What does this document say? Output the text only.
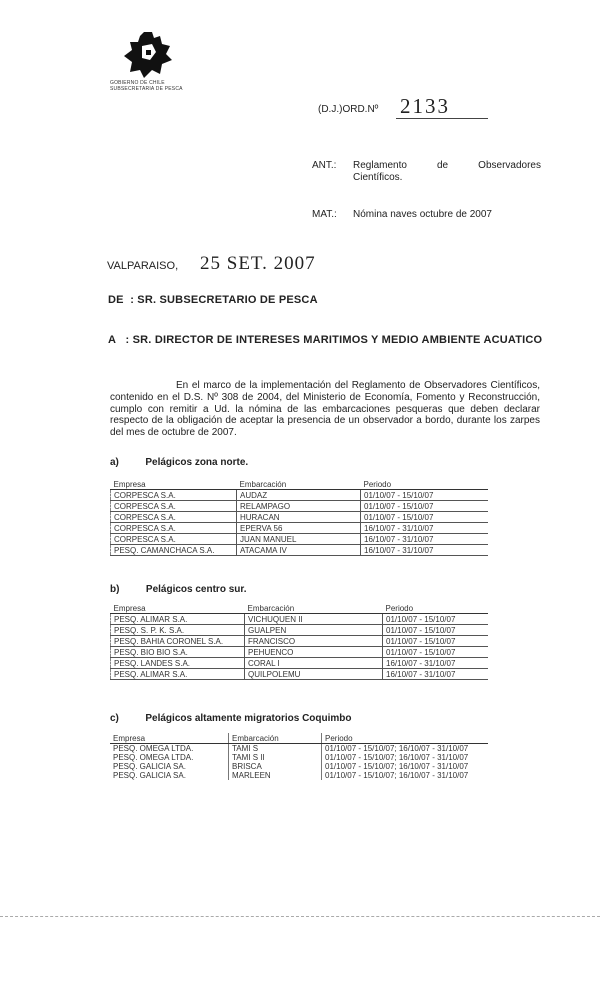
GOBIERNO DE CHILE
SUBSECRETARIA DE PESCA
(D.J.)ORD.Nº 2133
ANT.: Reglamento	de	Observadores
Científicos.
MAT.: Nómina naves octubre de 2007
VALPARAISO, 25 SET. 2007
DE  : SR. SUBSECRETARIO DE PESCA
A   : SR. DIRECTOR DE INTERESES MARITIMOS Y MEDIO AMBIENTE ACUATICO

En el marco de la implementación del Reglamento de Observadores Científicos, contenido en el D.S. Nº 308 de 2004, del Ministerio de Economía, Fomento y Reconstrucción, cumplo con remitir a Ud. la nómina de las embarcaciones pesqueras que deben declarar respecto de la obligación de aceptar la presencia de un observador a bordo, durante los zarpes del mes de octubre de 2007.

a)	Pelágicos zona norte.
Empresa	Embarcación	Periodo
CORPESCA S.A.	AUDAZ	01/10/07 - 15/10/07
CORPESCA S.A.	RELAMPAGO	01/10/07 - 15/10/07
CORPESCA S.A.	HURACAN	01/10/07 - 15/10/07
CORPESCA S.A.	EPERVA 56	16/10/07 - 31/10/07
CORPESCA S.A.	JUAN MANUEL	16/10/07 - 31/10/07
PESQ. CAMANCHACA S.A.	ATACAMA IV	16/10/07 - 31/10/07
b)	Pelágicos centro sur.
Empresa	Embarcación	Periodo
PESQ. ALIMAR S.A.	VICHUQUEN II	01/10/07 - 15/10/07
PESQ. S. P. K. S.A.	GUALPEN	01/10/07 - 15/10/07
PESQ. BAHIA CORONEL S.A.	FRANCISCO	01/10/07 - 15/10/07
PESQ. BIO BIO S.A.	PEHUENCO	01/10/07 - 15/10/07
PESQ. LANDES S.A.	CORAL I	16/10/07 - 31/10/07
PESQ. ALIMAR S.A.	QUILPOLEMU	16/10/07 - 31/10/07
c)	Pelágicos altamente migratorios Coquimbo
Empresa	Embarcación	Periodo
PESQ. OMEGA LTDA.	TAMI S	01/10/07 - 15/10/07; 16/10/07 - 31/10/07
PESQ. OMEGA LTDA.	TAMI S II	01/10/07 - 15/10/07; 16/10/07 - 31/10/07
PESQ. GALICIA SA.	BRISCA	01/10/07 - 15/10/07; 16/10/07 - 31/10/07
PESQ. GALICIA SA.	MARLEEN	01/10/07 - 15/10/07; 16/10/07 - 31/10/07
